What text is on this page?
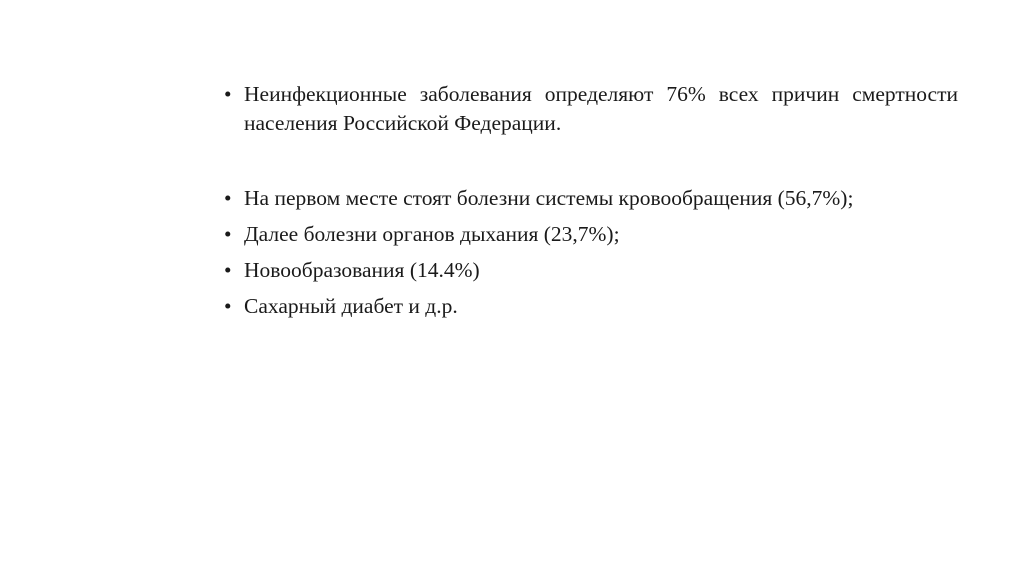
• Неинфекционные заболевания определяют 76% всех причин смертности населения Российской Федерации.
• На первом месте стоят болезни системы кровообращения (56,7%);
• Далее болезни органов дыхания (23,7%);
• Новообразования (14.4%)
• Сахарный диабет и д.р.
